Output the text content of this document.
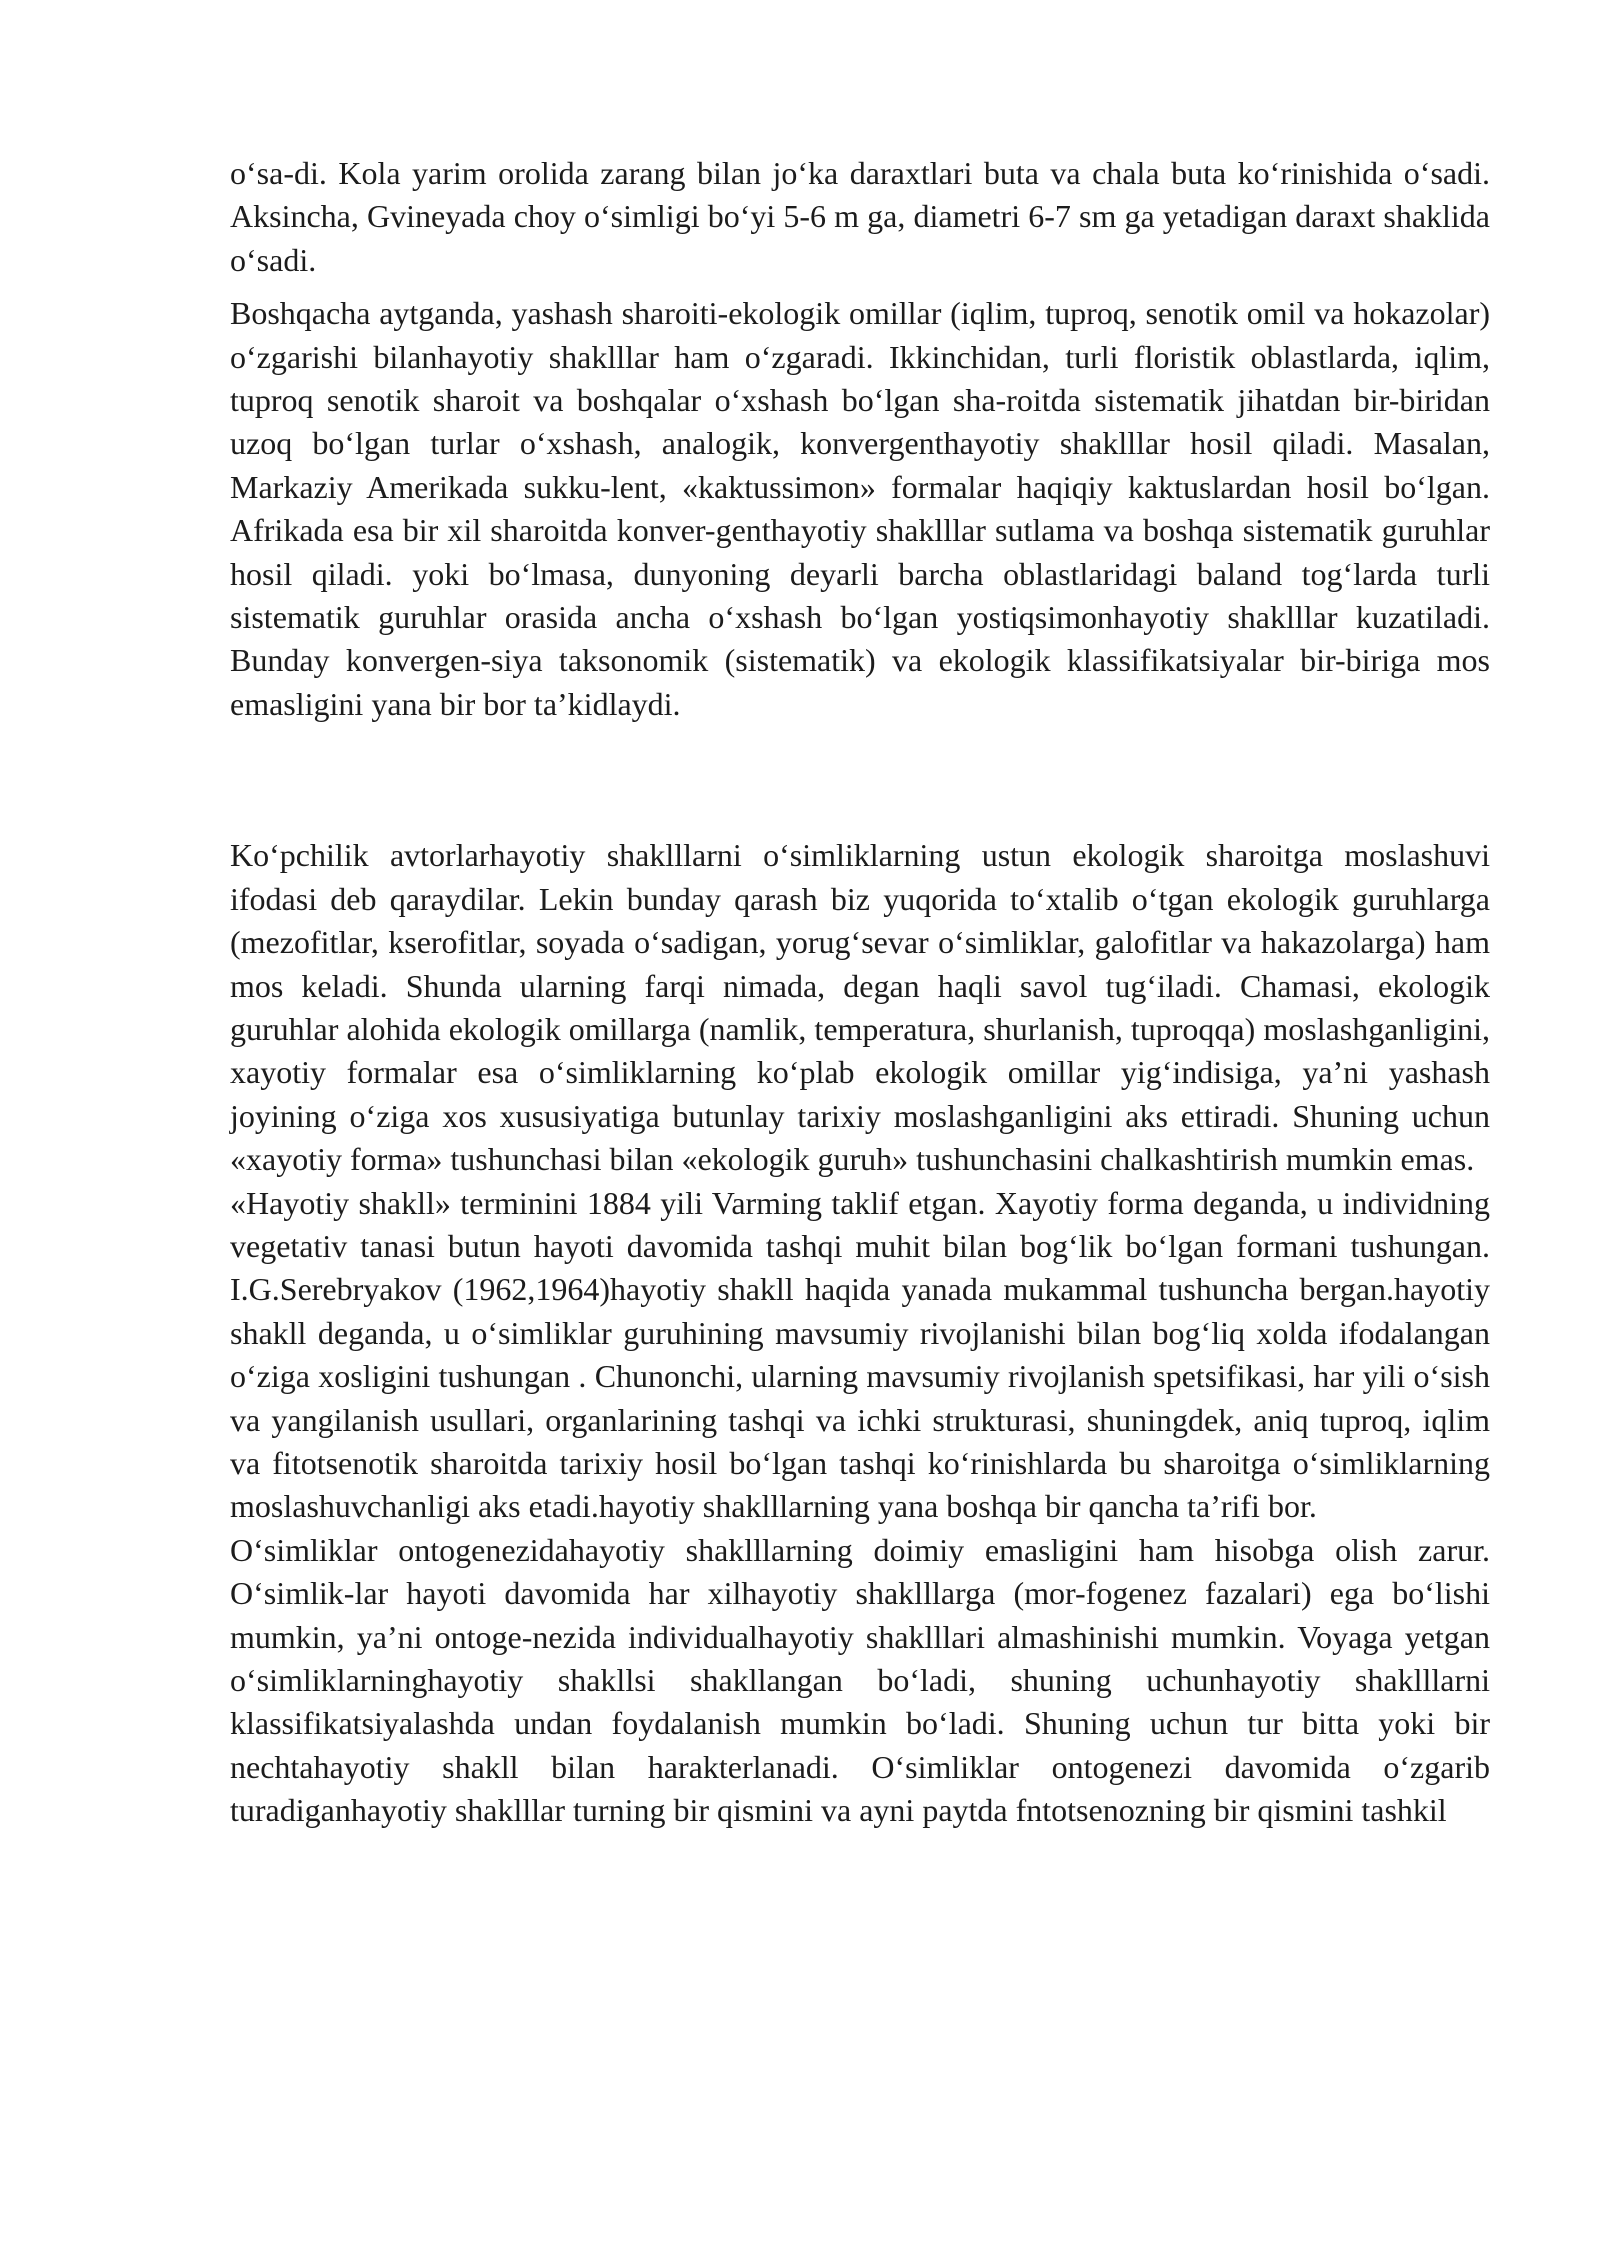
o‘sa-di. Kola yarim orolida zarang bilan jo‘ka daraxtlari buta va chala buta ko‘rinishida o‘sadi. Aksincha, Gvineyada choy o‘simligi bo‘yi 5-6 m ga, diametri 6-7 sm ga yetadigan daraxt shaklida o‘sadi.

Boshqacha aytganda, yashash sharoiti-ekologik omillar (iqlim, tuproq, senotik omil va hokazolar) o‘zgarishi bilanhayotiy shaklllar ham o‘zgaradi. Ikkinchidan, turli floristik oblastlarda, iqlim, tuproq senotik sharoit va boshqalar o‘xshash bo‘lgan sha-roitda sistematik jihatdan bir-biridan uzoq bo‘lgan turlar o‘xshash, analogik, konvergenthayotiy shaklllar hosil qiladi. Masalan, Markaziy Amerikada sukku-lent, «kaktussimon» formalar haqiqiy kaktuslardan hosil bo‘lgan. Afrikada esa bir xil sharoitda konver-genthayotiy shaklllar sutlama va boshqa sistematik guruhlar hosil qiladi. yoki bo‘lmasa, dunyoning deyarli barcha oblastlaridagi baland tog‘larda turli sistematik guruhlar orasida ancha o‘xshash bo‘lgan yostiqsimonhayotiy shaklllar kuzatiladi. Bunday konvergen-siya taksonomik (sistematik) va ekologik klassifikatsiyalar bir-biriga mos emasligini yana bir bor ta’kidlaydi.

Ko‘pchilik avtorlarhayotiy shaklllarni o‘simliklarning ustun ekologik sharoitga moslashuvi ifodasi deb qaraydilar. Lekin bunday qarash biz yuqorida to‘xtalib o‘tgan ekologik guruhlarga (mezofitlar, kserofitlar, soyada o‘sadigan, yorug‘sevar o‘simliklar, galofitlar va hakazolarga) ham mos keladi. Shunda ularning farqi nimada, degan haqli savol tug‘iladi. Chamasi, ekologik guruhlar alohida ekologik omillarga (namlik, temperatura, shurlanish, tuproqqa) moslashganligini, xayotiy formalar esa o‘simliklarning ko‘plab ekologik omillar yig‘indisiga, ya’ni yashash joyining o‘ziga xos xususiyatiga butunlay tarixiy moslashganligini aks ettiradi. Shuning uchun «xayotiy forma» tushunchasi bilan «ekologik guruh» tushunchasini chalkashtirish mumkin emas.

«Hayotiy shakll» terminini 1884 yili Varming taklif etgan. Xayotiy forma deganda, u individning vegetativ tanasi butun hayoti davomida tashqi muhit bilan bog‘lik bo‘lgan formani tushungan. I.G.Serebryakov (1962,1964)hayotiy shakll haqida yanada mukammal tushuncha bergan.hayotiy shakll deganda, u o‘simliklar guruhining mavsumiy rivojlanishi bilan bog‘liq xolda ifodalangan o‘ziga xosligini tushungan . Chunonchi, ularning mavsumiy rivojlanish spetsifikasi, har yili o‘sish va yangilanish usullari, organlarining tashqi va ichki strukturasi, shuningdek, aniq tuproq, iqlim va fitotsenotik sharoitda tarixiy hosil bo‘lgan tashqi ko‘rinishlarda bu sharoitga o‘simliklarning moslashuvchanligi aks etadi.hayotiy shaklllarning yana boshqa bir qancha ta’rifi bor.

O‘simliklar ontogenezidahayotiy shaklllarning doimiy emasligini ham hisobga olish zarur. O‘simlik-lar hayoti davomida har xilhayotiy shaklllarga (mor-fogenez fazalari) ega bo‘lishi mumkin, ya’ni ontoge-nezida individualhayotiy shaklllari almashinishi mumkin. Voyaga yetgan o‘simliklarninghayotiy shakllsi shakllangan bo‘ladi, shuning uchunhayotiy shaklllarni klassifikatsiyalashda undan foydalanish mumkin bo‘ladi. Shuning uchun tur bitta yoki bir nechtahayotiy shakll bilan harakterlanadi. O‘simliklar ontogenezi davomida o‘zgarib turadiganhayotiy shaklllar turning bir qismini va ayni paytda fntotsenozning bir qismini tashkil
